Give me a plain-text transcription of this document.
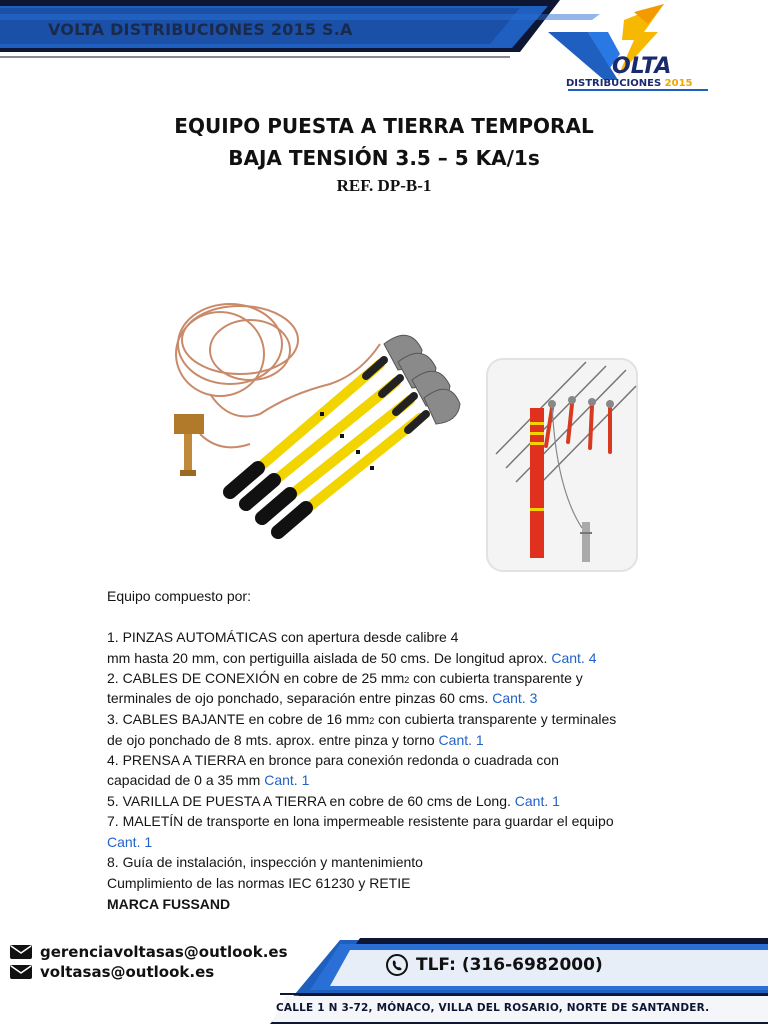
VOLTA DISTRIBUCIONES 2015 S.A
OLTA
DISTRIBUCIONES 2015
EQUIPO PUESTA A TIERRA TEMPORAL
BAJA TENSIÓN 3.5 – 5 KA/1s
REF. DP-B-1
Equipo compuesto por:
1. PINZAS AUTOMÁTICAS con apertura desde calibre 4
mm hasta 20 mm, con pertiguilla aislada de 50 cms. De longitud aprox. Cant. 4
2. CABLES DE CONEXIÓN en cobre de 25 mm2 con cubierta transparente y
terminales de ojo ponchado, separación entre pinzas 60 cms. Cant. 3
3. CABLES BAJANTE en cobre de 16 mm2 con cubierta transparente y terminales
de ojo ponchado de 8 mts. aprox. entre pinza y torno Cant. 1
4. PRENSA A TIERRA en bronce para conexión redonda o cuadrada con
capacidad de 0 a 35 mm Cant. 1
5. VARILLA DE PUESTA A TIERRA en cobre de 60 cms de Long. Cant. 1
7. MALETÍN de transporte en lona impermeable resistente para guardar el equipo
Cant. 1
8. Guía de instalación, inspección y mantenimiento
Cumplimiento de las normas IEC 61230 y RETIE
MARCA FUSSAND
gerenciavoltasas@outlook.es
voltasas@outlook.es	TLF: (316-6982000)
CALLE 1 N 3-72, MÓNACO, VILLA DEL ROSARIO, NORTE DE SANTANDER.
